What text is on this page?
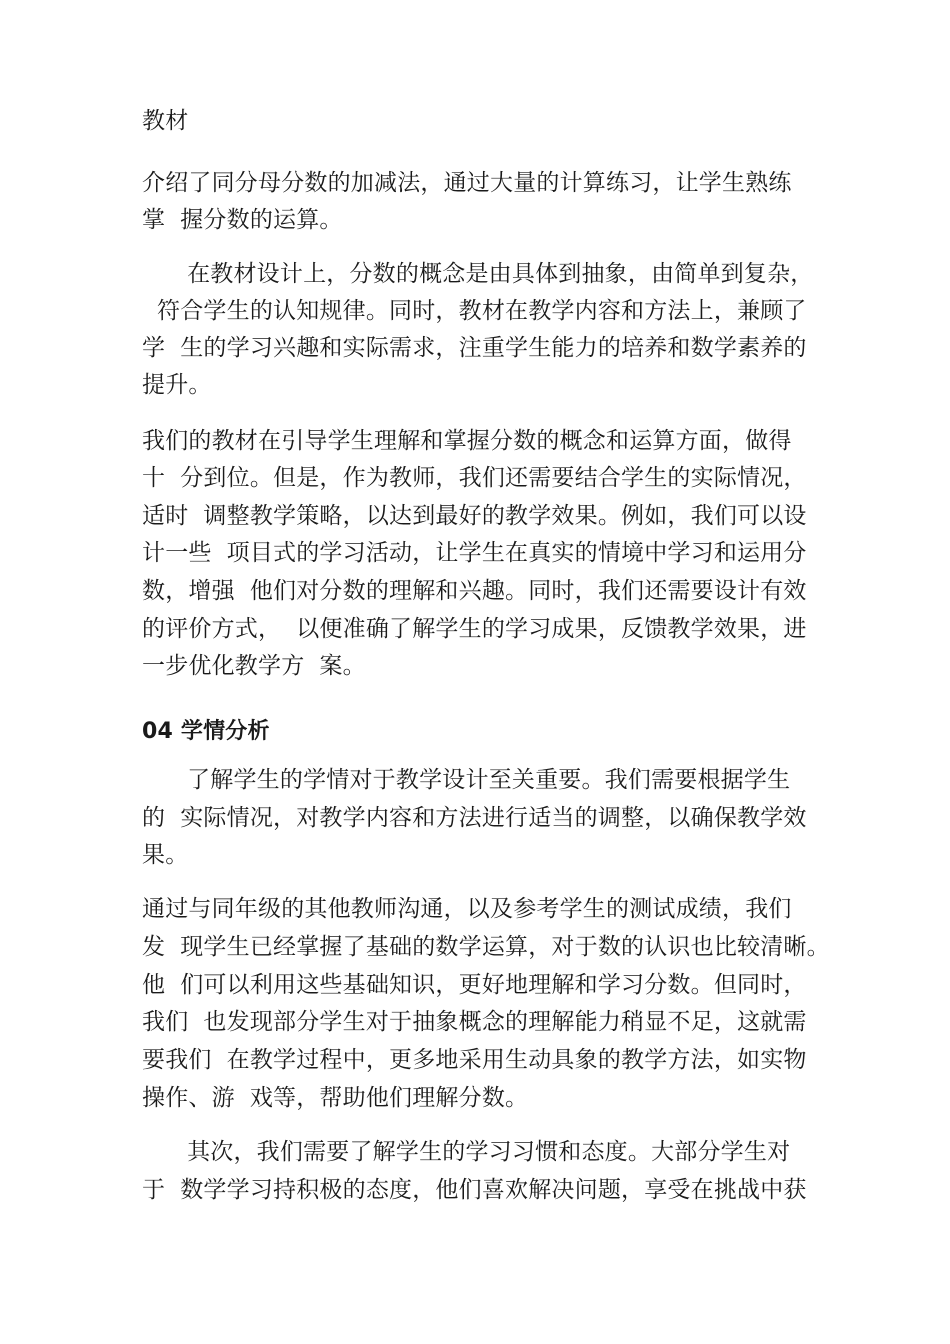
教材
介绍了同分母分数的加减法，通过大量的计算练习，让学生熟练
掌  握分数的运算。
在教材设计上，分数的概念是由具体到抽象，由简单到复杂，
符合学生的认知规律。同时，教材在教学内容和方法上，兼顾了
学  生的学习兴趣和实际需求，注重学生能力的培养和数学素养的
提升。
我们的教材在引导学生理解和掌握分数的概念和运算方面，做得
十  分到位。但是，作为教师，我们还需要结合学生的实际情况，
适时  调整教学策略，以达到最好的教学效果。例如，我们可以设
计一些  项目式的学习活动，让学生在真实的情境中学习和运用分
数，增强  他们对分数的理解和兴趣。同时，我们还需要设计有效
的评价方式，  以便准确了解学生的学习成果，反馈教学效果，进
一步优化教学方  案。
04 学情分析
了解学生的学情对于教学设计至关重要。我们需要根据学生
的  实际情况，对教学内容和方法进行适当的调整，以确保教学效
果。
通过与同年级的其他教师沟通，以及参考学生的测试成绩，我们
发  现学生已经掌握了基础的数学运算，对于数的认识也比较清晰。
他  们可以利用这些基础知识，更好地理解和学习分数。但同时，
我们  也发现部分学生对于抽象概念的理解能力稍显不足，这就需
要我们  在教学过程中，更多地采用生动具象的教学方法，如实物
操作、游  戏等，帮助他们理解分数。
其次，我们需要了解学生的学习习惯和态度。大部分学生对
于  数学学习持积极的态度，他们喜欢解决问题，享受在挑战中获
